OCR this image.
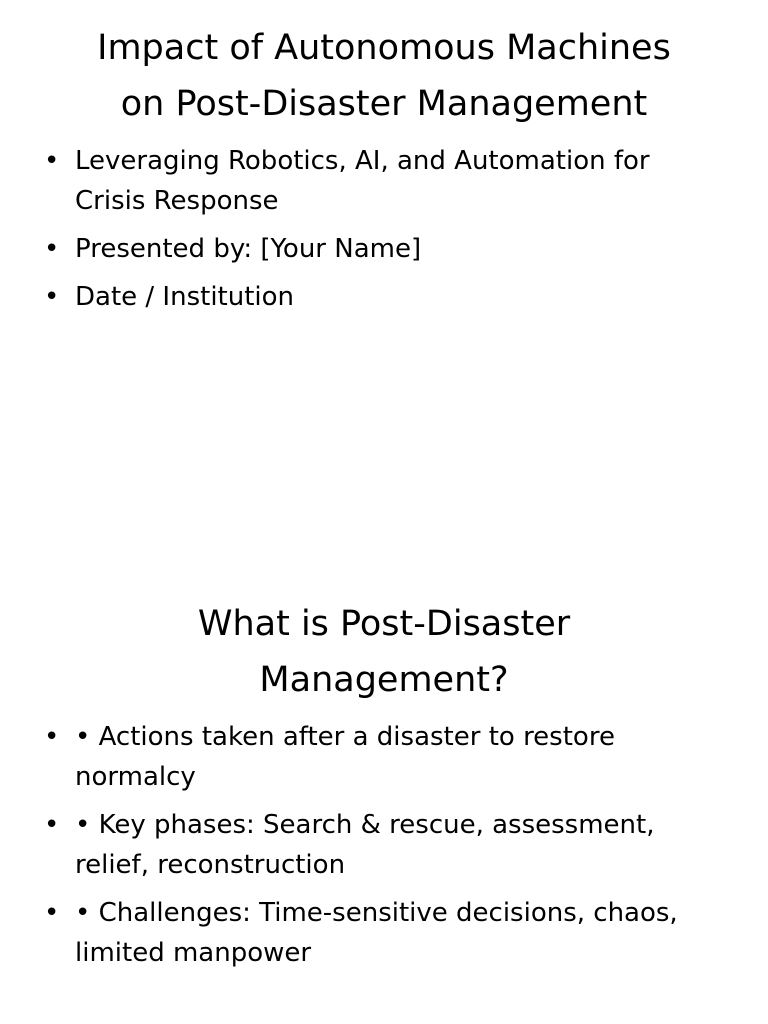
Impact of Autonomous Machines
on Post-Disaster Management
• Leveraging Robotics, AI, and Automation for Crisis Response
• Presented by: [Your Name]
• Date / Institution
What is Post-Disaster
Management?
• • Actions taken after a disaster to restore normalcy
• • Key phases: Search & rescue, assessment, relief, reconstruction
• • Challenges: Time-sensitive decisions, chaos, limited manpower
